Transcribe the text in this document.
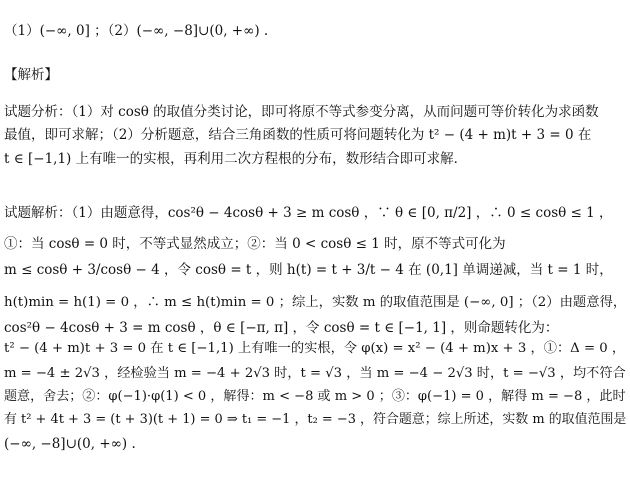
（1）(−∞, 0] ；（2）(−∞, −8]∪(0, +∞) .
【解析】
试题分析：（1）对 cosθ 的取值分类讨论，即可将原不等式参变分离，从而问题可等价转化为求函数
最值，即可求解；（2）分析题意，结合三角函数的性质可将问题转化为 t² − (4 + m)t + 3 = 0 在
t ∈ [−1,1) 上有唯一的实根，再利用二次方程根的分布，数形结合即可求解．
试题解析：（1）由题意得，cos²θ − 4cosθ + 3 ≥ m cosθ ，∵ θ ∈ [0, π/2] ，∴ 0 ≤ cosθ ≤ 1 ，
①：当 cosθ = 0 时，不等式显然成立；②：当 0 < cosθ ≤ 1 时，原不等式可化为
m ≤ cosθ + 3/cosθ − 4 ，令 cosθ = t ，则 h(t) = t + 3/t − 4 在 (0,1] 单调递减，当 t = 1 时，
h(t)min = h(1) = 0 ，∴ m ≤ h(t)min = 0 ；综上，实数 m 的取值范围是 (−∞, 0] ；（2）由题意得，
cos²θ − 4cosθ + 3 = m cosθ ，θ ∈ [−π, π] ，令 cosθ = t ∈ [−1, 1] ，则命题转化为：
t² − (4 + m)t + 3 = 0 在 t ∈ [−1,1) 上有唯一的实根，令 φ(x) = x² − (4 + m)x + 3 ，①：Δ = 0 ，
m = −4 ± 2√3 ，经检验当 m = −4 + 2√3 时，t = √3 ，当 m = −4 − 2√3 时，t = −√3 ，均不符合
题意，舍去；②：φ(−1)·φ(1) < 0 ，解得：m < −8 或 m > 0 ；③：φ(−1) = 0 ，解得 m = −8 ，此时
有 t² + 4t + 3 = (t + 3)(t + 1) = 0 ⇒ t₁ = −1 ，t₂ = −3 ，符合题意；综上所述，实数 m 的取值范围是
(−∞, −8]∪(0, +∞) .
